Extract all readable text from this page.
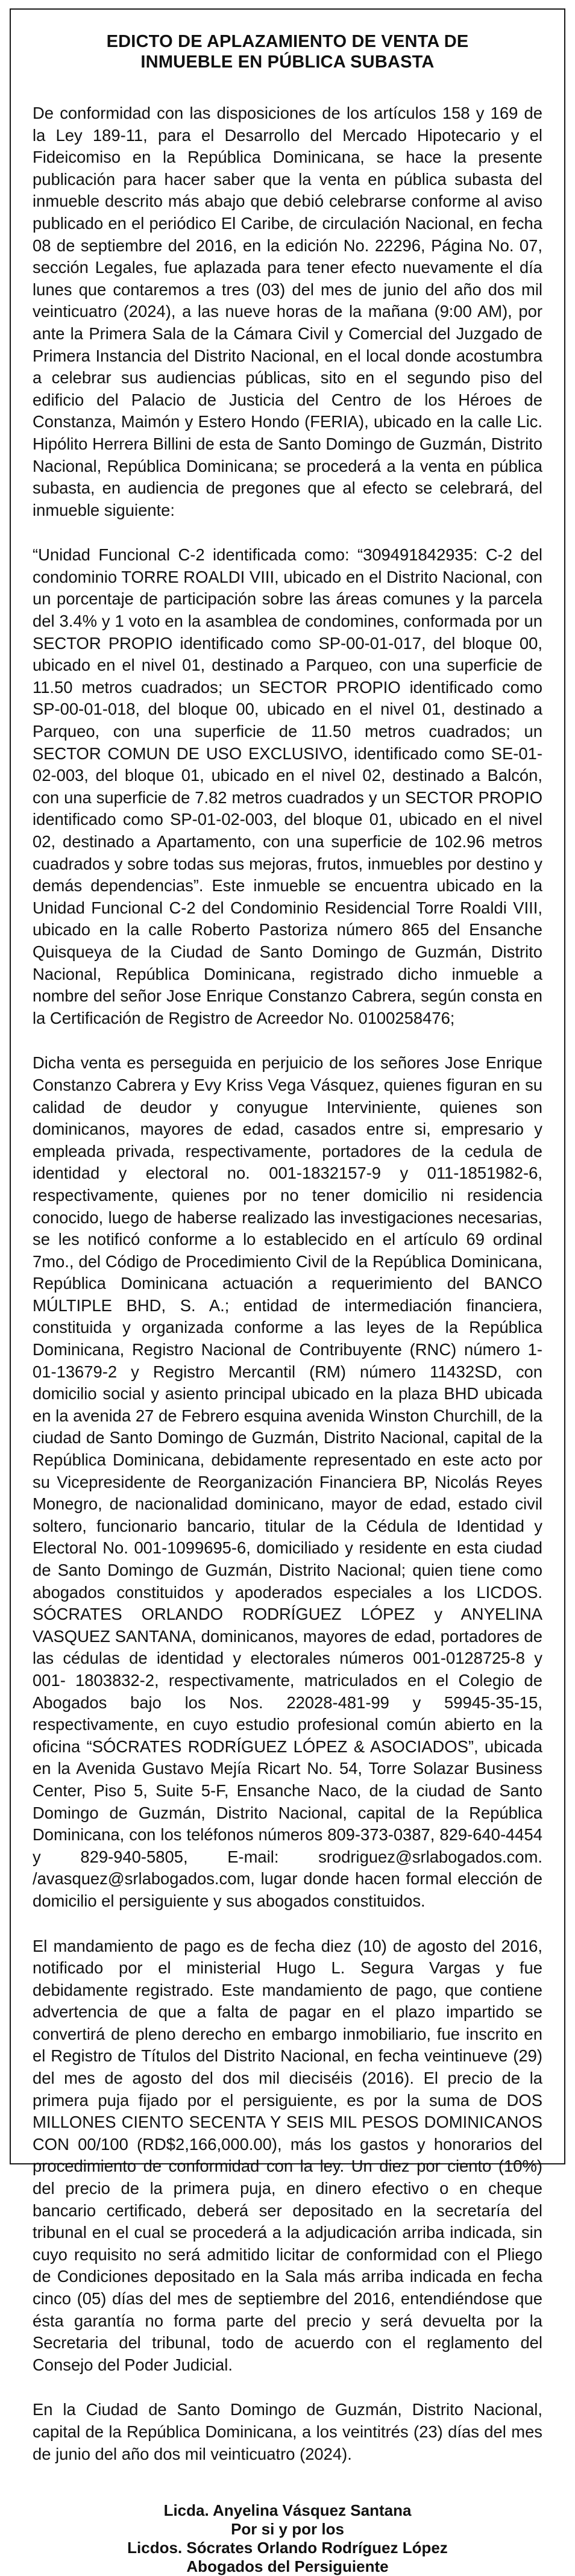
EDICTO DE APLAZAMIENTO DE VENTA DE
INMUEBLE EN PÚBLICA SUBASTA

De conformidad con las disposiciones de los artículos 158 y 169 de la Ley 189-11, para el Desarrollo del Mercado Hipotecario y el Fideicomiso en la República Dominicana, se hace la presente publicación para hacer saber que la venta en pública subasta del inmueble descrito más abajo que debió celebrarse conforme al aviso publicado en el periódico El Caribe, de circulación Nacional, en fecha 08 de septiembre del 2016, en la edición No. 22296, Página No. 07, sección Legales, fue aplazada para tener efecto nuevamente el día lunes que contaremos a tres (03) del mes de junio del año dos mil veinticuatro (2024), a las nueve horas de la mañana (9:00 AM), por ante la Primera Sala de la Cámara Civil y Comercial del Juzgado de Primera Instancia del Distrito Nacional, en el local donde acostumbra a celebrar sus audiencias públicas, sito en el segundo piso del edificio del Palacio de Justicia del Centro de los Héroes de Constanza, Maimón y Estero Hondo (FERIA), ubicado en la calle Lic. Hipólito Herrera Billini de esta de Santo Domingo de Guzmán, Distrito Nacional, República Dominicana; se procederá a la venta en pública subasta, en audiencia de pregones que al efecto se celebrará, del inmueble siguiente:

“Unidad Funcional C-2 identificada como: “309491842935: C-2 del condominio TORRE ROALDI VIII, ubicado en el Distrito Nacional, con un porcentaje de participación sobre las áreas comunes y la parcela del 3.4% y 1 voto en la asamblea de condomines, conformada por un SECTOR PROPIO identificado como SP-00-01-017, del bloque 00, ubicado en el nivel 01, destinado a Parqueo, con una superficie de 11.50 metros cuadrados; un SECTOR PROPIO identificado como SP-00-01-018, del bloque 00, ubicado en el nivel 01, destinado a Parqueo, con una superficie de 11.50 metros cuadrados; un SECTOR COMUN DE USO EXCLUSIVO, identificado como SE-01-02-003, del bloque 01, ubicado en el nivel 02, destinado a Balcón, con una superficie de 7.82 metros cuadrados y un SECTOR PROPIO identificado como SP-01-02-003, del bloque 01, ubicado en el nivel 02, destinado a Apartamento, con una superficie de 102.96 metros cuadrados y sobre todas sus mejoras, frutos, inmuebles por destino y demás dependencias”. Este inmueble se encuentra ubicado en la Unidad Funcional C-2 del Condominio Residencial Torre Roaldi VIII, ubicado en la calle Roberto Pastoriza número 865 del Ensanche Quisqueya de la Ciudad de Santo Domingo de Guzmán, Distrito Nacional, República Dominicana, registrado dicho inmueble a nombre del señor Jose Enrique Constanzo Cabrera, según consta en la Certificación de Registro de Acreedor No. 0100258476;

Dicha venta es perseguida en perjuicio de los señores Jose Enrique Constanzo Cabrera y Evy Kriss Vega Vásquez, quienes figuran en su calidad de deudor y conyugue Interviniente, quienes son dominicanos, mayores de edad, casados entre si, empresario y empleada privada, respectivamente, portadores de la cedula de identidad y electoral no. 001-1832157-9 y 011-1851982-6, respectivamente, quienes por no tener domicilio ni residencia conocido, luego de haberse realizado las investigaciones necesarias, se les notificó conforme a lo establecido en el artículo 69 ordinal 7mo., del Código de Procedimiento Civil de la República Dominicana, República Dominicana actuación a requerimiento del BANCO MÚLTIPLE BHD, S. A.; entidad de intermediación financiera, constituida y organizada conforme a las leyes de la República Dominicana, Registro Nacional de Contribuyente (RNC) número 1-01-13679-2 y Registro Mercantil (RM) número 11432SD, con domicilio social y asiento principal ubicado en la plaza BHD ubicada en la avenida 27 de Febrero esquina avenida Winston Churchill, de la ciudad de Santo Domingo de Guzmán, Distrito Nacional, capital de la República Dominicana, debidamente representado en este acto por su Vicepresidente de Reorganización Financiera BP, Nicolás Reyes Monegro, de nacionalidad dominicano, mayor de edad, estado civil soltero, funcionario bancario, titular de la Cédula de Identidad y Electoral No. 001-1099695-6, domiciliado y residente en esta ciudad de Santo Domingo de Guzmán, Distrito Nacional; quien tiene como abogados constituidos y apoderados especiales a los LICDOS. SÓCRATES ORLANDO RODRÍGUEZ LÓPEZ y ANYELINA VASQUEZ SANTANA, dominicanos, mayores de edad, portadores de las cédulas de identidad y electorales números 001-0128725-8 y 001- 1803832-2, respectivamente, matriculados en el Colegio de Abogados bajo los Nos. 22028-481-99 y 59945-35-15, respectivamente, en cuyo estudio profesional común abierto en la oficina “SÓCRATES RODRÍGUEZ LÓPEZ & ASOCIADOS”, ubicada en la Avenida Gustavo Mejía Ricart No. 54, Torre Solazar Business Center, Piso 5, Suite 5-F, Ensanche Naco, de la ciudad de Santo Domingo de Guzmán, Distrito Nacional, capital de la República Dominicana, con los teléfonos números 809-373-0387, 829-640-4454 y 829-940-5805, E-mail: srodriguez@srlabogados.com. /avasquez@srlabogados.com, lugar donde hacen formal elección de domicilio el persiguiente y sus abogados constituidos.

El mandamiento de pago es de fecha diez (10) de agosto del 2016, notificado por el ministerial Hugo L. Segura Vargas y fue debidamente registrado. Este mandamiento de pago, que contiene advertencia de que a falta de pagar en el plazo impartido se convertirá de pleno derecho en embargo inmobiliario, fue inscrito en el Registro de Títulos del Distrito Nacional, en fecha veintinueve (29) del mes de agosto del dos mil dieciséis (2016). El precio de la primera puja fijado por el persiguiente, es por la suma de DOS MILLONES CIENTO SECENTA Y SEIS MIL PESOS DOMINICANOS CON 00/100 (RD$2,166,000.00), más los gastos y honorarios del procedimiento de conformidad con la ley. Un diez por ciento (10%) del precio de la primera puja, en dinero efectivo o en cheque bancario certificado, deberá ser depositado en la secretaría del tribunal en el cual se procederá a la adjudicación arriba indicada, sin cuyo requisito no será admitido licitar de conformidad con el Pliego de Condiciones depositado en la Sala más arriba indicada en fecha cinco (05) días del mes de septiembre del 2016, entendiéndose que ésta garantía no forma parte del precio y será devuelta por la Secretaria del tribunal, todo de acuerdo con el reglamento del Consejo del Poder Judicial.

En la Ciudad de Santo Domingo de Guzmán, Distrito Nacional, capital de la República Dominicana, a los veintitrés (23) días del mes de junio del año dos mil veinticuatro (2024).

Licda. Anyelina Vásquez Santana
Por si y por los
Licdos. Sócrates Orlando Rodríguez López
Abogados del Persiguiente
